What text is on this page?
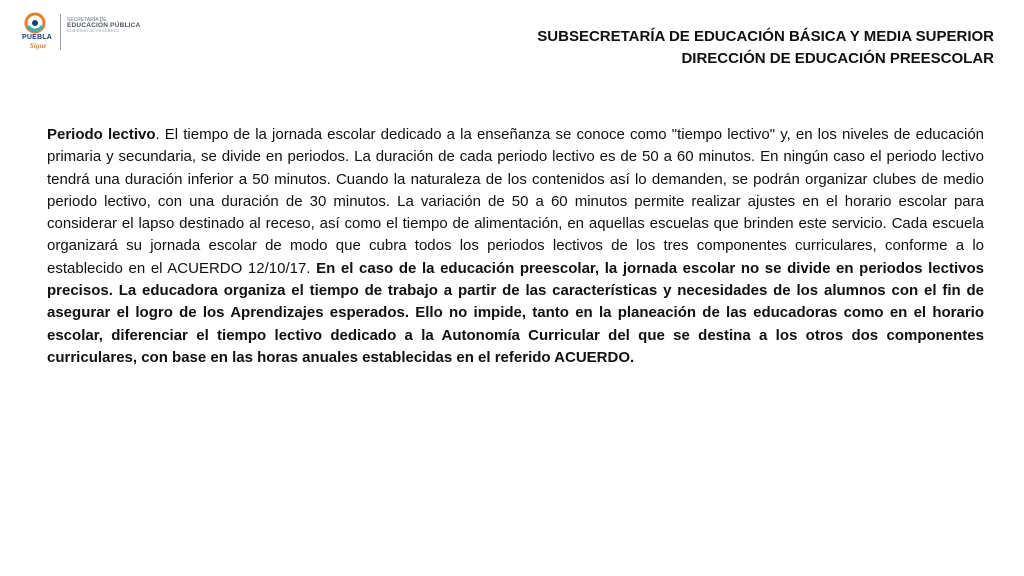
PUEBLA
Sigue
SECRETARÍA DE
EDUCACIÓN PÚBLICA
GOBIERNO DE PROGRESO	SUBSECRETARÍA DE EDUCACIÓN BÁSICA Y MEDIA SUPERIOR
DIRECCIÓN DE EDUCACIÓN PREESCOLAR
Periodo lectivo. El tiempo de la jornada escolar dedicado a la enseñanza se conoce como "tiempo lectivo" y, en los niveles de educación primaria y secundaria, se divide en periodos. La duración de cada periodo lectivo es de 50 a 60 minutos. En ningún caso el periodo lectivo tendrá una duración inferior a 50 minutos. Cuando la naturaleza de los contenidos así lo demanden, se podrán organizar clubes de medio periodo lectivo, con una duración de 30 minutos. La variación de 50 a 60 minutos permite realizar ajustes en el horario escolar para considerar el lapso destinado al receso, así como el tiempo de alimentación, en aquellas escuelas que brinden este servicio. Cada escuela organizará su jornada escolar de modo que cubra todos los periodos lectivos de los tres componentes curriculares, conforme a lo establecido en el ACUERDO 12/10/17. En el caso de la educación preescolar, la jornada escolar no se divide en periodos lectivos precisos. La educadora organiza el tiempo de trabajo a partir de las características y necesidades de los alumnos con el fin de asegurar el logro de los Aprendizajes esperados. Ello no impide, tanto en la planeación de las educadoras como en el horario escolar, diferenciar el tiempo lectivo dedicado a la Autonomía Curricular del que se destina a los otros dos componentes curriculares, con base en las horas anuales establecidas en el referido ACUERDO.
